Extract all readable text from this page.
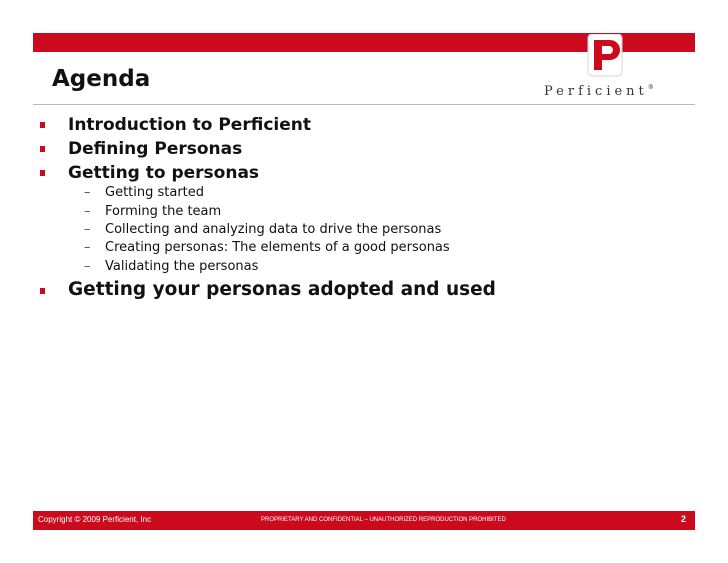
Agenda	Perficient®
Introduction to Perficient
Defining Personas
Getting to personas
– Getting started
– Forming the team
– Collecting and analyzing data to drive the personas
– Creating personas: The elements of a good personas
– Validating the personas
Getting your personas adopted and used
Copyright © 2009 Perficient, Inc	PROPRIETARY AND CONFIDENTIAL – UNAUTHORIZED REPRODUCTION PROHIBITED	2
